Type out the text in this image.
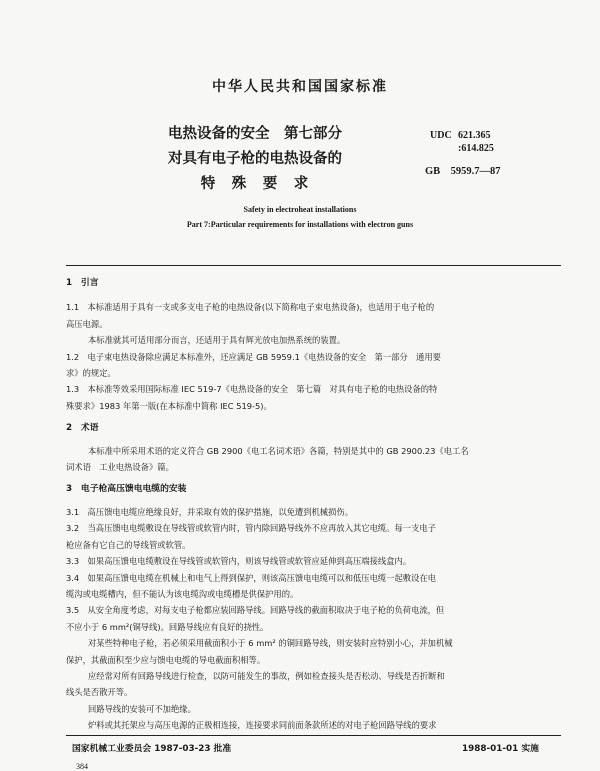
中华人民共和国国家标准
电热设备的安全　第七部分
对具有电子枪的电热设备的
特　殊　要　求
UDC 621.365
:614.825
GB　5959.7—87
Safety in electroheat installations
Part 7:Particular requirements for installations with electron guns
1　引言
1.1　本标准适用于具有一支或多支电子枪的电热设备(以下简称电子束电热设备)，也适用于电子枪的
高压电源。
本标准就其可适用部分而言，还适用于具有辉光放电加热系统的装置。
1.2　电子束电热设备除应满足本标准外，还应满足 GB 5959.1《电热设备的安全　第一部分　通用要
求》的规定。
1.3　本标准等效采用国际标准 IEC 519-7《电热设备的安全　第七篇　对具有电子枪的电热设备的特
殊要求》1983 年第一版(在本标准中简称 IEC 519-5)。
2　术语
本标准中所采用术语的定义符合 GB 2900《电工名词术语》各篇，特别是其中的 GB 2900.23《电工名
词术语　工业电热设备》篇。
3　电子枪高压馈电电缆的安装
3.1　高压馈电电缆应绝缘良好，并采取有效的保护措施，以免遭到机械损伤。
3.2　当高压馈电电缆敷设在导线管或软管内时，管内除回路导线外不应再放入其它电缆。每一支电子
枪应备有它自己的导线管或软管。
3.3　如果高压馈电电缆敷设在导线管或软管内，则该导线管或软管应延伸到高压端接线盒内。
3.4　如果高压馈电电缆在机械上和电气上得到保护，则该高压馈电电缆可以和低压电缆一起敷设在电
缆沟或电缆槽内，但不能认为该电缆沟或电缆槽是供保护用的。
3.5　从安全角度考虑，对每支电子枪都应装回路导线。回路导线的截面积取决于电子枪的负荷电流，但
不应小于 6 mm²(铜导线)。回路导线应有良好的挠性。
对某些特种电子枪，若必须采用截面积小于 6 mm² 的铜回路导线，则安装时应特别小心，并加机械
保护，其截面积至少应与馈电电缆的导电截面积相等。
应经常对所有回路导线进行检查，以防可能发生的事故，例如检查接头是否松动、导线是否折断和
线头是否散开等。
回路导线的安装可不加绝缘。
炉料或其托架应与高压电源的正极相连接，连接要求同前面条款所述的对电子枪回路导线的要求
国家机械工业委员会 1987-03-23 批准	1988-01-01 实施
384
